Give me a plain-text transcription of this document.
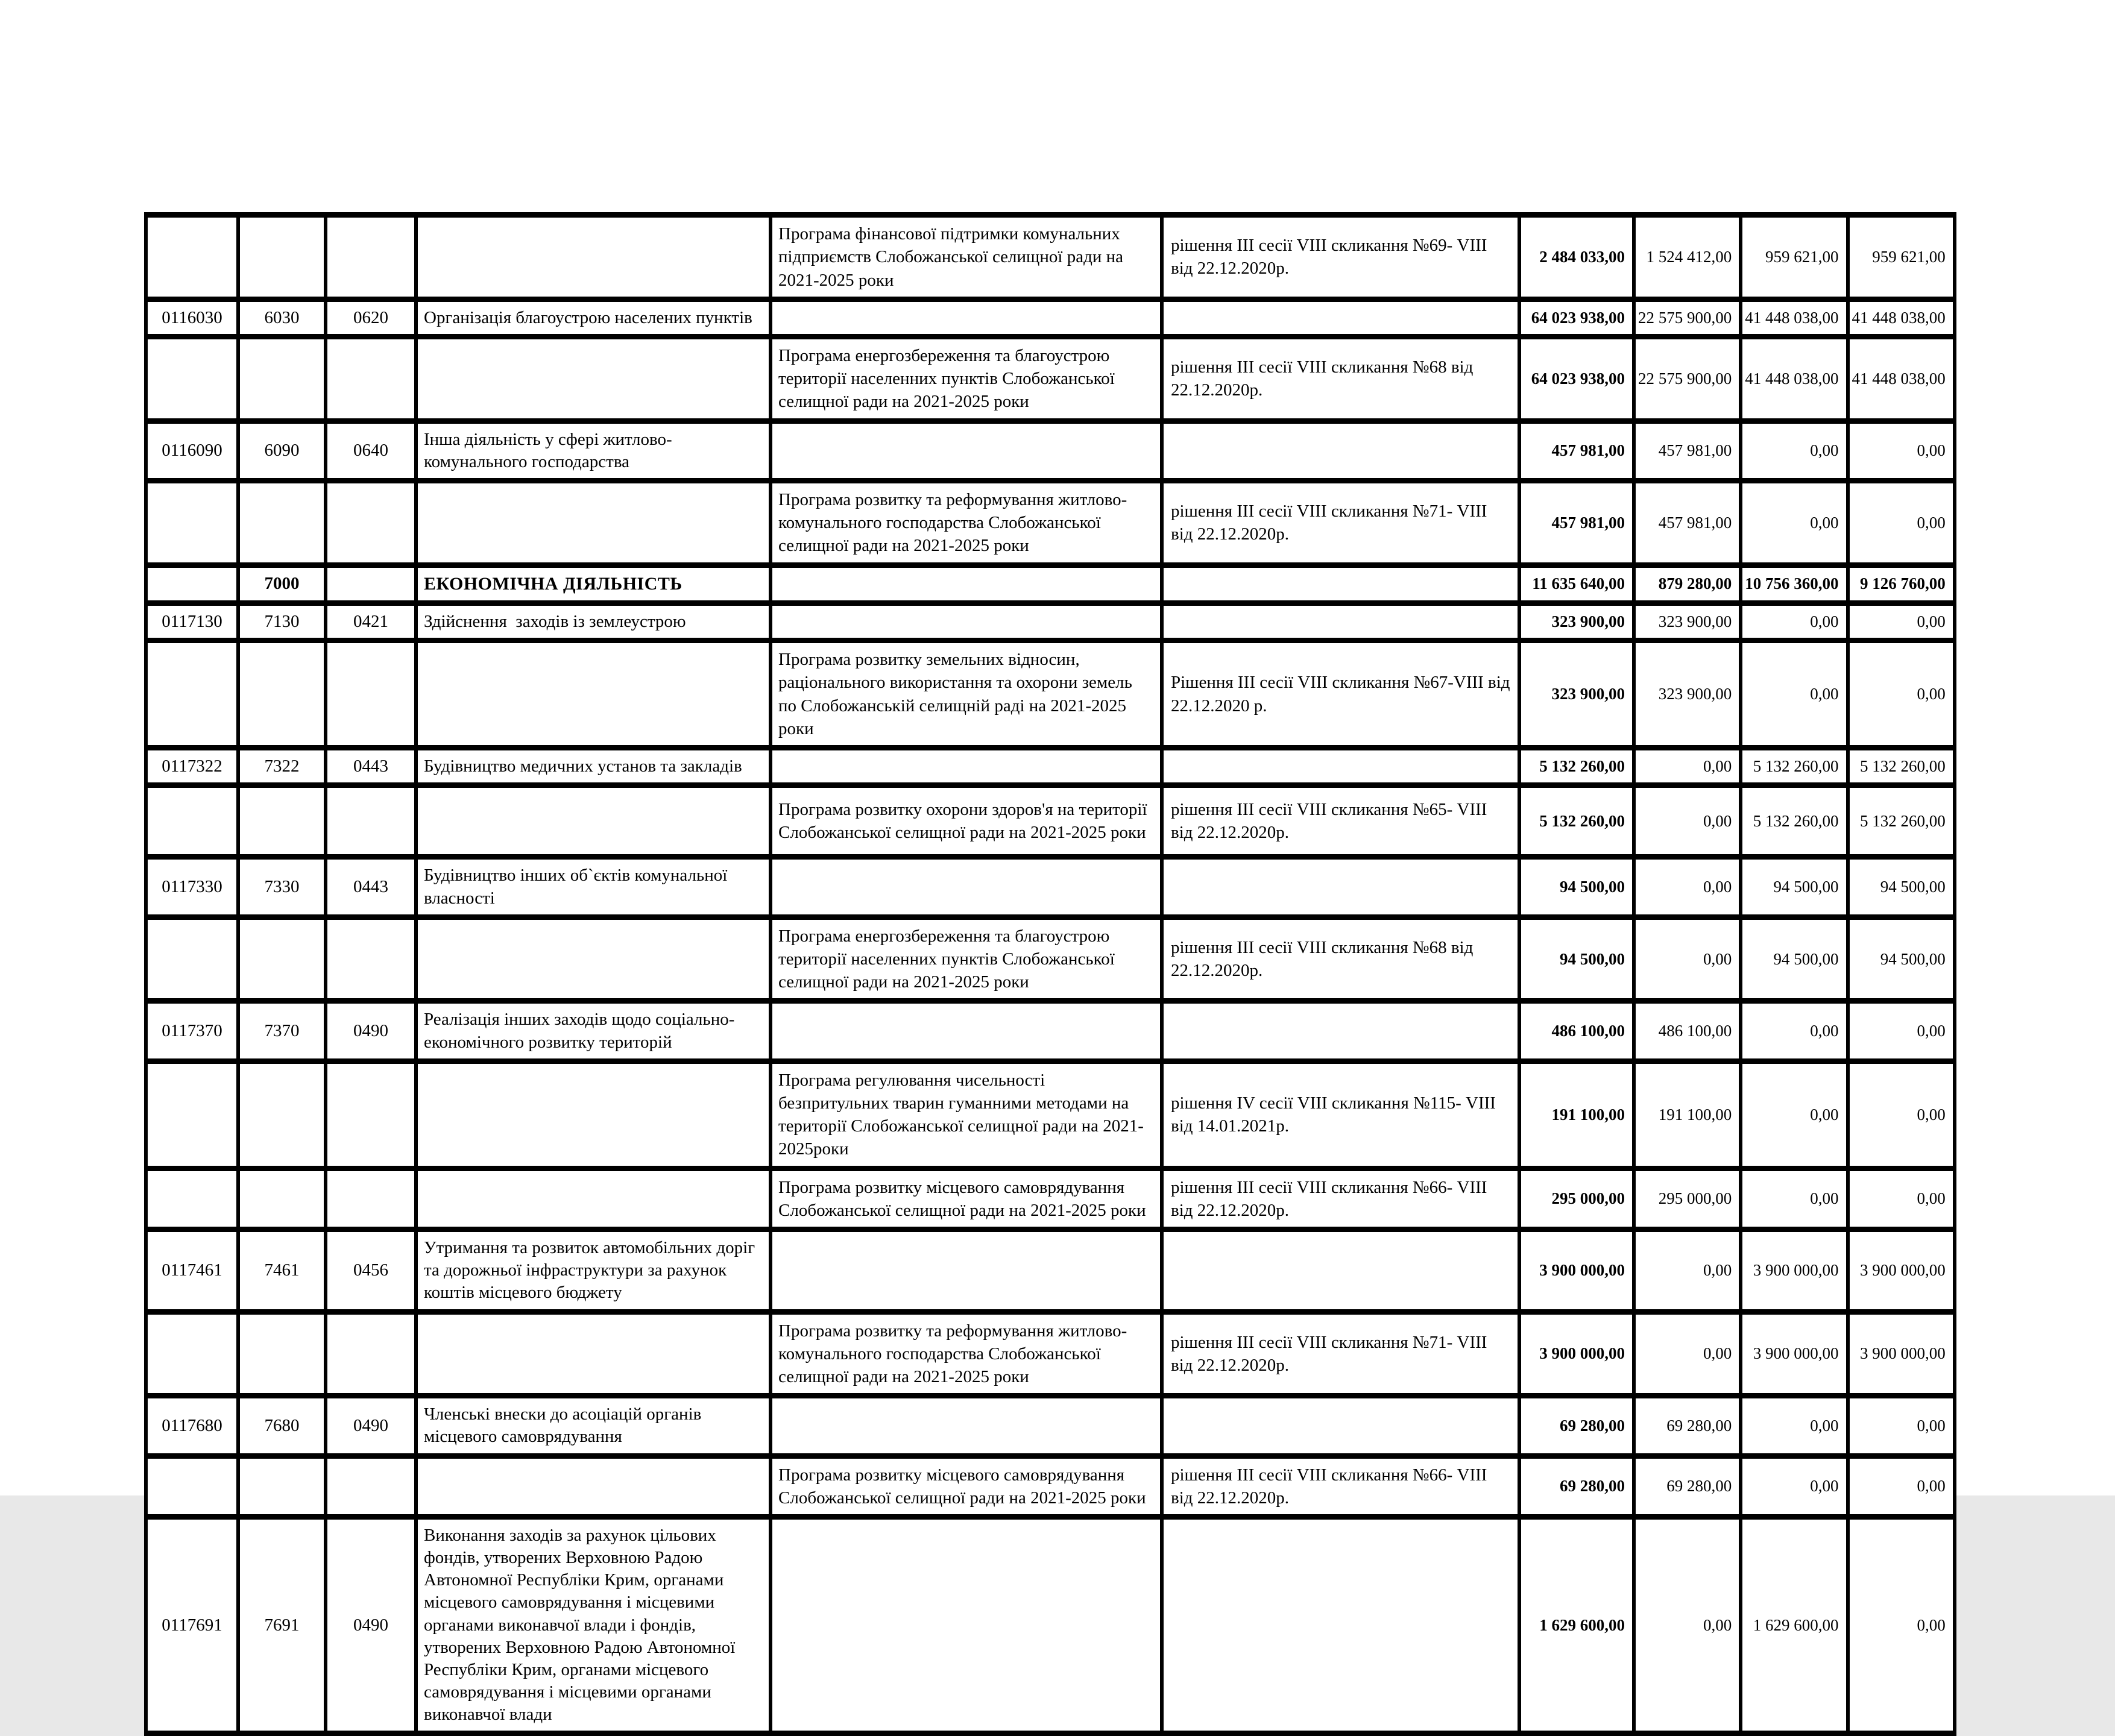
				Програма фінансової підтримки комунальних підприємств Слобожанської селищної ради на 2021-2025 роки	рішення ІІІ сесії VIII скликання №69- VIII від 22.12.2020р.	2 484 033,00	1 524 412,00	959 621,00	959 621,00
0116030	6030	0620	Організація благоустрою населених пунктів			64 023 938,00	22 575 900,00	41 448 038,00	41 448 038,00
				Програма енергозбереження та благоустрою території населенних пунктів Слобожанської селищної ради на 2021-2025 роки	рішення ІІІ сесії VIII скликання №68 від 22.12.2020р.	64 023 938,00	22 575 900,00	41 448 038,00	41 448 038,00
0116090	6090	0640	Інша діяльність у сфері житлово-комунального господарства			457 981,00	457 981,00	0,00	0,00
				Програма розвитку та реформування житлово-комунального господарства Слобожанської селищної ради на 2021-2025 роки	рішення ІІІ сесії VIII скликання №71- VIII від 22.12.2020р.	457 981,00	457 981,00	0,00	0,00
	7000		ЕКОНОМІЧНА ДІЯЛЬНІСТЬ			11 635 640,00	879 280,00	10 756 360,00	9 126 760,00
0117130	7130	0421	Здійснення  заходів із землеустрою			323 900,00	323 900,00	0,00	0,00
				Програма розвитку земельних відносин, раціонального використання та охорони земель по Слобожанській селищній раді на 2021-2025 роки	Рішення ІІІ сесії VIII скликання №67-VIII від 22.12.2020 р.	323 900,00	323 900,00	0,00	0,00
0117322	7322	0443	Будівництво медичних установ та закладів			5 132 260,00	0,00	5 132 260,00	5 132 260,00
				Програма розвитку охорони здоров'я на території Слобожанської селищної ради на 2021-2025 роки	рішення ІІІ сесії VIII скликання №65- VIII від 22.12.2020р.	5 132 260,00	0,00	5 132 260,00	5 132 260,00
0117330	7330	0443	Будівництво інших об`єктів комунальної власності			94 500,00	0,00	94 500,00	94 500,00
				Програма енергозбереження та благоустрою території населенних пунктів Слобожанської селищної ради на 2021-2025 роки	рішення ІІІ сесії VIII скликання №68 від 22.12.2020р.	94 500,00	0,00	94 500,00	94 500,00
0117370	7370	0490	Реалізація інших заходів щодо соціально-економічного розвитку територій			486 100,00	486 100,00	0,00	0,00
				Програма регулювання чисельності безпритульних тварин гуманними методами на території Слобожанської селищної ради на 2021-2025роки	рішення IV сесії VIII скликання №115- VIII від 14.01.2021р.	191 100,00	191 100,00	0,00	0,00
				Програма розвитку місцевого самоврядування Слобожанської селищної ради на 2021-2025 роки	рішення ІІІ сесії VIII скликання №66- VIII від 22.12.2020р.	295 000,00	295 000,00	0,00	0,00
0117461	7461	0456	Утримання та розвиток автомобільних доріг та дорожньої інфраструктури за рахунок коштів місцевого бюджету			3 900 000,00	0,00	3 900 000,00	3 900 000,00
				Програма розвитку та реформування житлово-комунального господарства Слобожанської селищної ради на 2021-2025 роки	рішення ІІІ сесії VIII скликання №71- VIII від 22.12.2020р.	3 900 000,00	0,00	3 900 000,00	3 900 000,00
0117680	7680	0490	Членські внески до асоціацій органів місцевого самоврядування			69 280,00	69 280,00	0,00	0,00
				Програма розвитку місцевого самоврядування Слобожанської селищної ради на 2021-2025 роки	рішення ІІІ сесії VIII скликання №66- VIII від 22.12.2020р.	69 280,00	69 280,00	0,00	0,00
0117691	7691	0490	Виконання заходів за рахунок цільових фондів, утворених Верховною Радою Автономної Республіки Крим, органами місцевого самоврядування і місцевими органами виконавчої влади і фондів, утворених Верховною Радою Автономної Республіки Крим, органами місцевого самоврядування і місцевими органами виконавчої влади			1 629 600,00	0,00	1 629 600,00	0,00
